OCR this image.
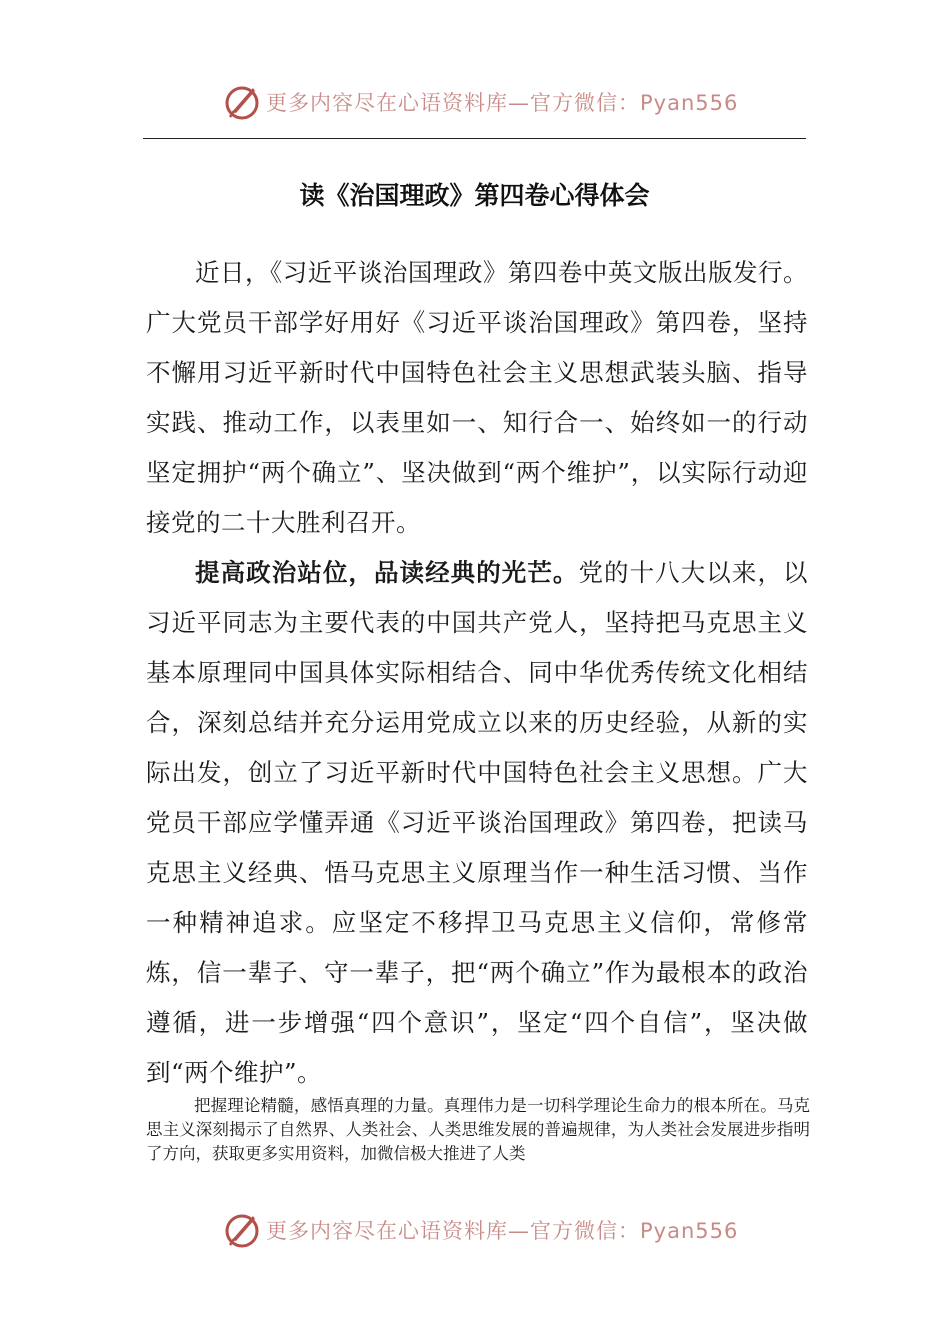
更多内容尽在心语资料库—官方微信：Pyan556
读《治国理政》第四卷心得体会

近日，《习近平谈治国理政》第四卷中英文版出版发行。广大党员干部学好用好《习近平谈治国理政》第四卷，坚持不懈用习近平新时代中国特色社会主义思想武装头脑、指导实践、推动工作，以表里如一、知行合一、始终如一的行动坚定拥护“两个确立”、坚决做到“两个维护”，以实际行动迎接党的二十大胜利召开。

提高政治站位，品读经典的光芒。党的十八大以来，以习近平同志为主要代表的中国共产党人，坚持把马克思主义基本原理同中国具体实际相结合、同中华优秀传统文化相结合，深刻总结并充分运用党成立以来的历史经验，从新的实际出发，创立了习近平新时代中国特色社会主义思想。广大党员干部应学懂弄通《习近平谈治国理政》第四卷，把读马克思主义经典、悟马克思主义原理当作一种生活习惯、当作一种精神追求。应坚定不移捍卫马克思主义信仰，常修常炼，信一辈子、守一辈子，把“两个确立”作为最根本的政治遵循，进一步增强“四个意识”，坚定“四个自信”，坚决做到“两个维护”。

把握理论精髓，感悟真理的力量。真理伟力是一切科学理论生命力的根本所在。马克思主义深刻揭示了自然界、人类社会、人类思维发展的普遍规律，为人类社会发展进步指明了方向，获取更多实用资料，加微信极大推进了人类

更多内容尽在心语资料库—官方微信：Pyan556
